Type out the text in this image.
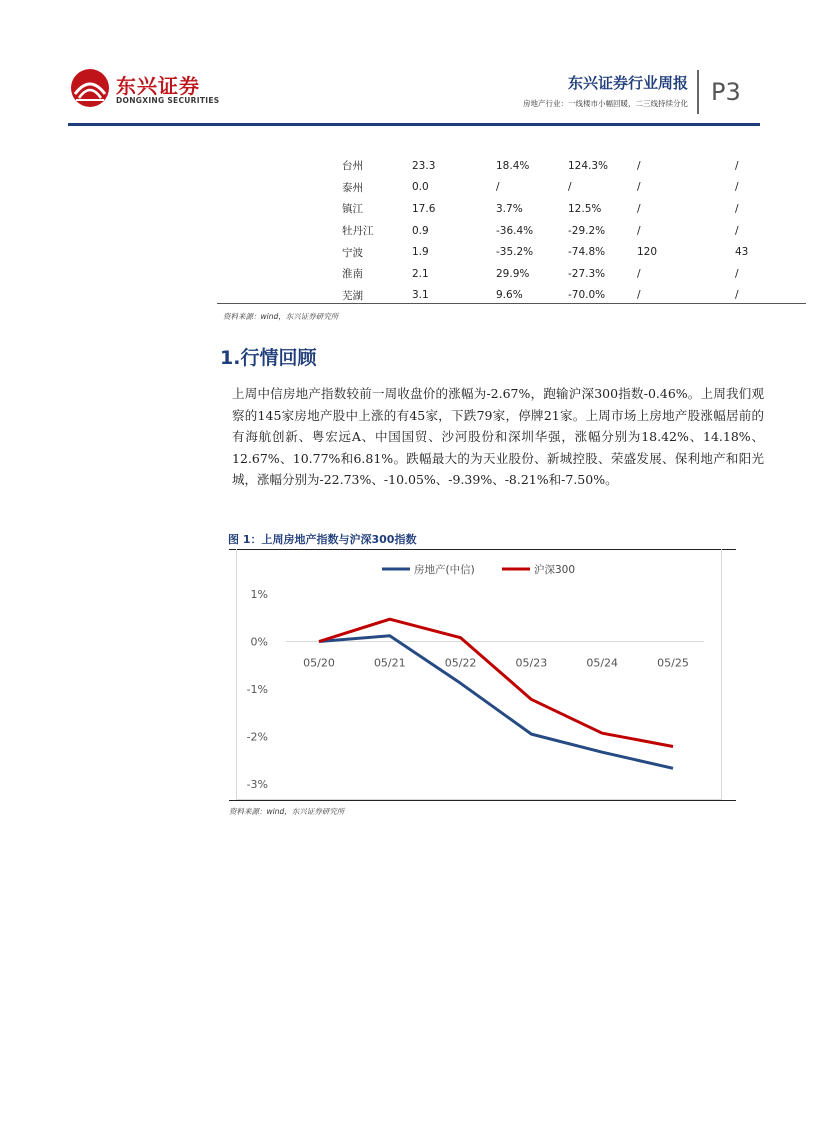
东兴证券
DONGXING SECURITIES
东兴证券行业周报
房地产行业：一线楼市小幅回暖，二三线持续分化 P3
台州	23.3	18.4%	124.3%	/	/
泰州	0.0	/	/	/	/
镇江	17.6	3.7%	12.5%	/	/
牡丹江	0.9	-36.4%	-29.2%	/	/
宁波	1.9	-35.2%	-74.8%	120	43
淮南	2.1	29.9%	-27.3%	/	/
芜湖	3.1	9.6%	-70.0%	/	/
资料来源：wind，东兴证券研究所
1.行情回顾
上周中信房地产指数较前一周收盘价的涨幅为-2.67%，跑输沪深300指数-0.46%。上周我们观察的145家房地产股中上涨的有45家，下跌79家，停牌21家。上周市场上房地产股涨幅居前的有海航创新、粤宏远A、中国国贸、沙河股份和深圳华强，涨幅分别为18.42%、14.18%、12.67%、10.77%和6.81%。跌幅最大的为天业股份、新城控股、荣盛发展、保利地产和阳光城，涨幅分别为-22.73%、-10.05%、-9.39%、-8.21%和-7.50%。
图 1：上周房地产指数与沪深300指数
1%
0%
-1%
-2%
-3%
05/20	05/21	05/22	05/23	05/24	05/25
房地产(中信)	沪深300
资料来源：wind，东兴证券研究所
